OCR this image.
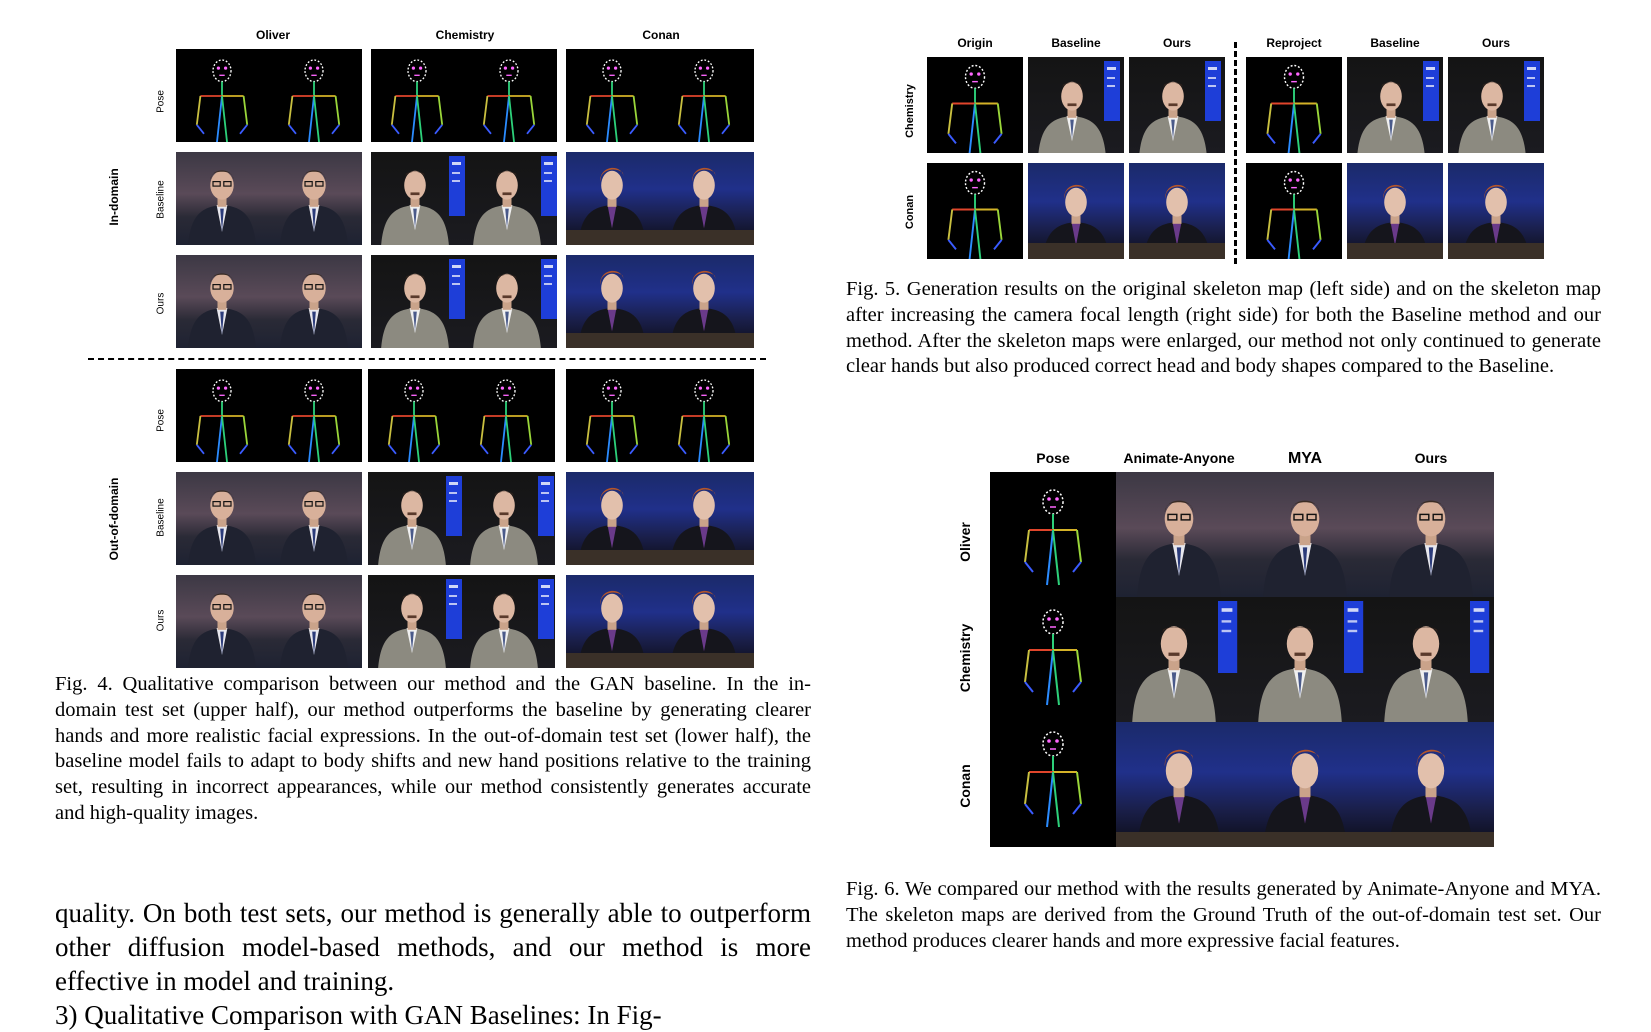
Oliver	Chemistry	Conan
In-domain
Out-of-domain
Pose
Baseline
Ours
Pose
Baseline
Ours
Fig. 4. Qualitative comparison between our method and the GAN baseline. In the in-domain test set (upper half), our method outperforms the baseline by generating clearer hands and more realistic facial expressions. In the out-of-domain test set (lower half), the baseline model fails to adapt to body shifts and new hand positions relative to the training set, resulting in incorrect appearances, while our method consistently generates accurate and high-quality images.
quality. On both test sets, our method is generally able to outperform other diffusion model-based methods, and our method is more effective in model and training.
3) Qualitative Comparison with GAN Baselines: In Fig-
Origin	Baseline	Ours	Reproject	Baseline	Ours
Chemistry
Conan
Fig. 5. Generation results on the original skeleton map (left side) and on the skeleton map after increasing the camera focal length (right side) for both the Baseline method and our method. After the skeleton maps were enlarged, our method not only continued to generate clear hands but also produced correct head and body shapes compared to the Baseline.
Pose	Animate-Anyone	MYA	Ours
Oliver
Chemistry
Conan
Fig. 6. We compared our method with the results generated by Animate-Anyone and MYA. The skeleton maps are derived from the Ground Truth of the out-of-domain test set. Our method produces clearer hands and more expressive facial features.
